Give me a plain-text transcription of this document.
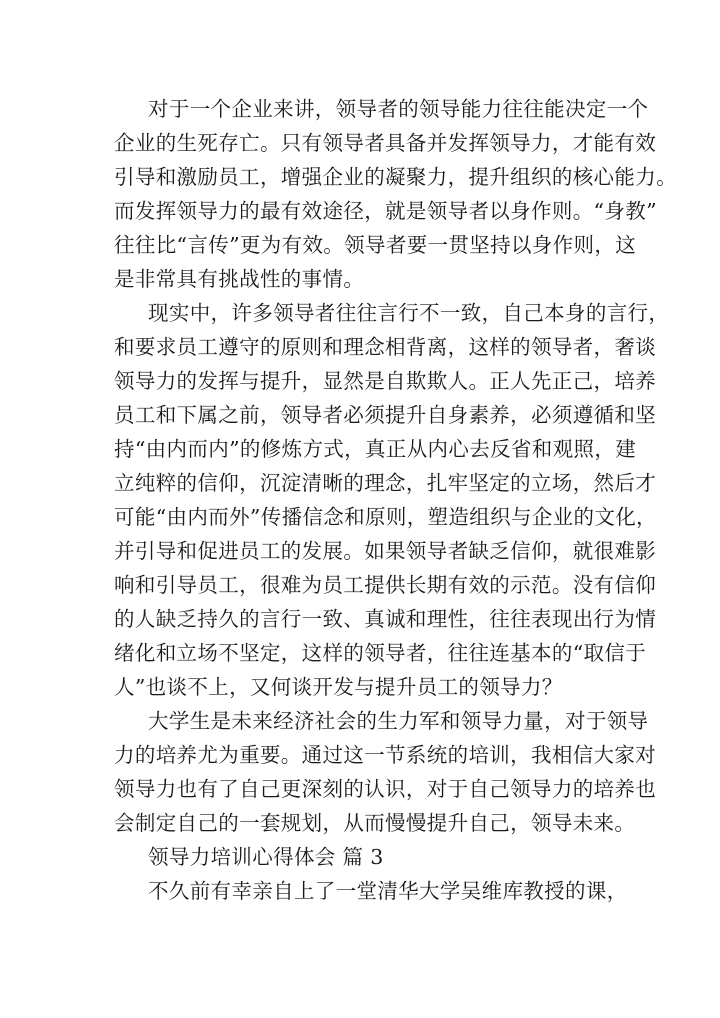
对于一个企业来讲，领导者的领导能力往往能决定一个
企业的生死存亡。只有领导者具备并发挥领导力，才能有效
引导和激励员工，增强企业的凝聚力，提升组织的核心能力。
而发挥领导力的最有效途径，就是领导者以身作则。“身教”
往往比“言传”更为有效。领导者要一贯坚持以身作则，这
是非常具有挑战性的事情。
现实中，许多领导者往往言行不一致，自己本身的言行，
和要求员工遵守的原则和理念相背离，这样的领导者，奢谈
领导力的发挥与提升，显然是自欺欺人。正人先正己，培养
员工和下属之前，领导者必须提升自身素养，必须遵循和坚
持“由内而内”的修炼方式，真正从内心去反省和观照，建
立纯粹的信仰，沉淀清晰的理念，扎牢坚定的立场，然后才
可能“由内而外”传播信念和原则，塑造组织与企业的文化，
并引导和促进员工的发展。如果领导者缺乏信仰，就很难影
响和引导员工，很难为员工提供长期有效的示范。没有信仰
的人缺乏持久的言行一致、真诚和理性，往往表现出行为情
绪化和立场不坚定，这样的领导者，往往连基本的“取信于
人”也谈不上，又何谈开发与提升员工的领导力？
大学生是未来经济社会的生力军和领导力量，对于领导
力的培养尤为重要。通过这一节系统的培训，我相信大家对
领导力也有了自己更深刻的认识，对于自己领导力的培养也
会制定自己的一套规划，从而慢慢提升自己，领导未来。
领导力培训心得体会 篇 3
不久前有幸亲自上了一堂清华大学吴维库教授的课，
